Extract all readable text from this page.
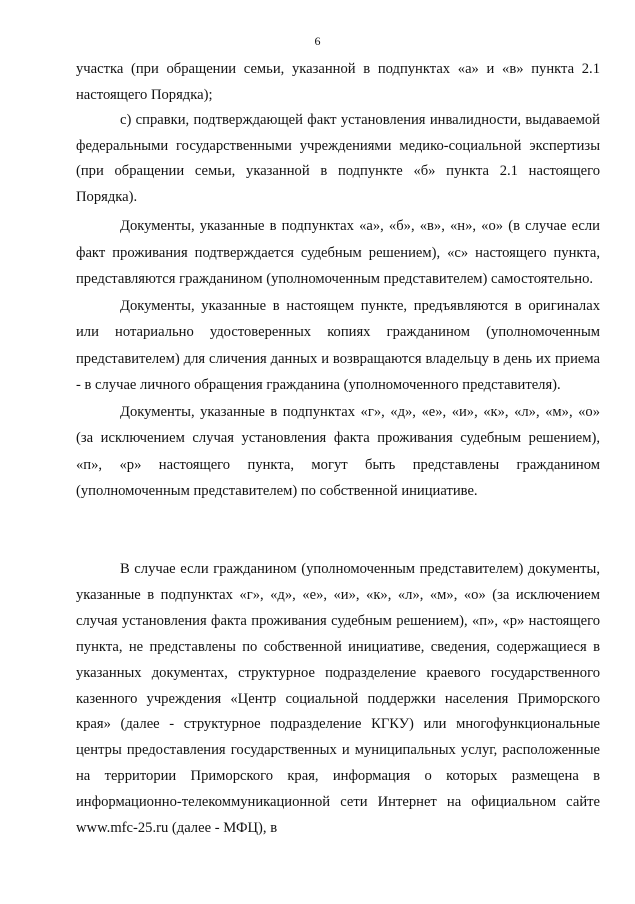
6

участка (при обращении семьи, указанной в подпунктах «а» и «в» пункта 2.1 настоящего Порядка);

с) справки, подтверждающей факт установления инвалидности, выдаваемой федеральными государственными учреждениями медико-социальной экспертизы (при обращении семьи, указанной в подпункте «б» пункта 2.1 настоящего Порядка).

Документы, указанные в подпунктах «а», «б», «в», «н», «о» (в случае если факт проживания подтверждается судебным решением), «с» настоящего пункта, представляются гражданином (уполномоченным представителем) самостоятельно.

Документы, указанные в настоящем пункте, предъявляются в оригиналах или нотариально удостоверенных копиях гражданином (уполномоченным представителем) для сличения данных и возвращаются владельцу в день их приема - в случае личного обращения гражданина (уполномоченного представителя).

Документы, указанные в подпунктах «г», «д», «е», «и», «к», «л», «м», «о» (за исключением случая установления факта проживания судебным решением), «п», «р» настоящего пункта, могут быть представлены гражданином (уполномоченным представителем) по собственной инициативе.

В случае если гражданином (уполномоченным представителем) документы, указанные в подпунктах «г», «д», «е», «и», «к», «л», «м», «о» (за исключением случая установления факта проживания судебным решением), «п», «р» настоящего пункта, не представлены по собственной инициативе, сведения, содержащиеся в указанных документах, структурное подразделение краевого государственного казенного учреждения «Центр социальной поддержки населения Приморского края» (далее - структурное подразделение КГКУ) или многофункциональные центры предоставления государственных и муниципальных услуг, расположенные на территории Приморского края, информация о которых размещена в информационно-телекоммуникационной сети Интернет на официальном сайте www.mfc-25.ru (далее - МФЦ), в
